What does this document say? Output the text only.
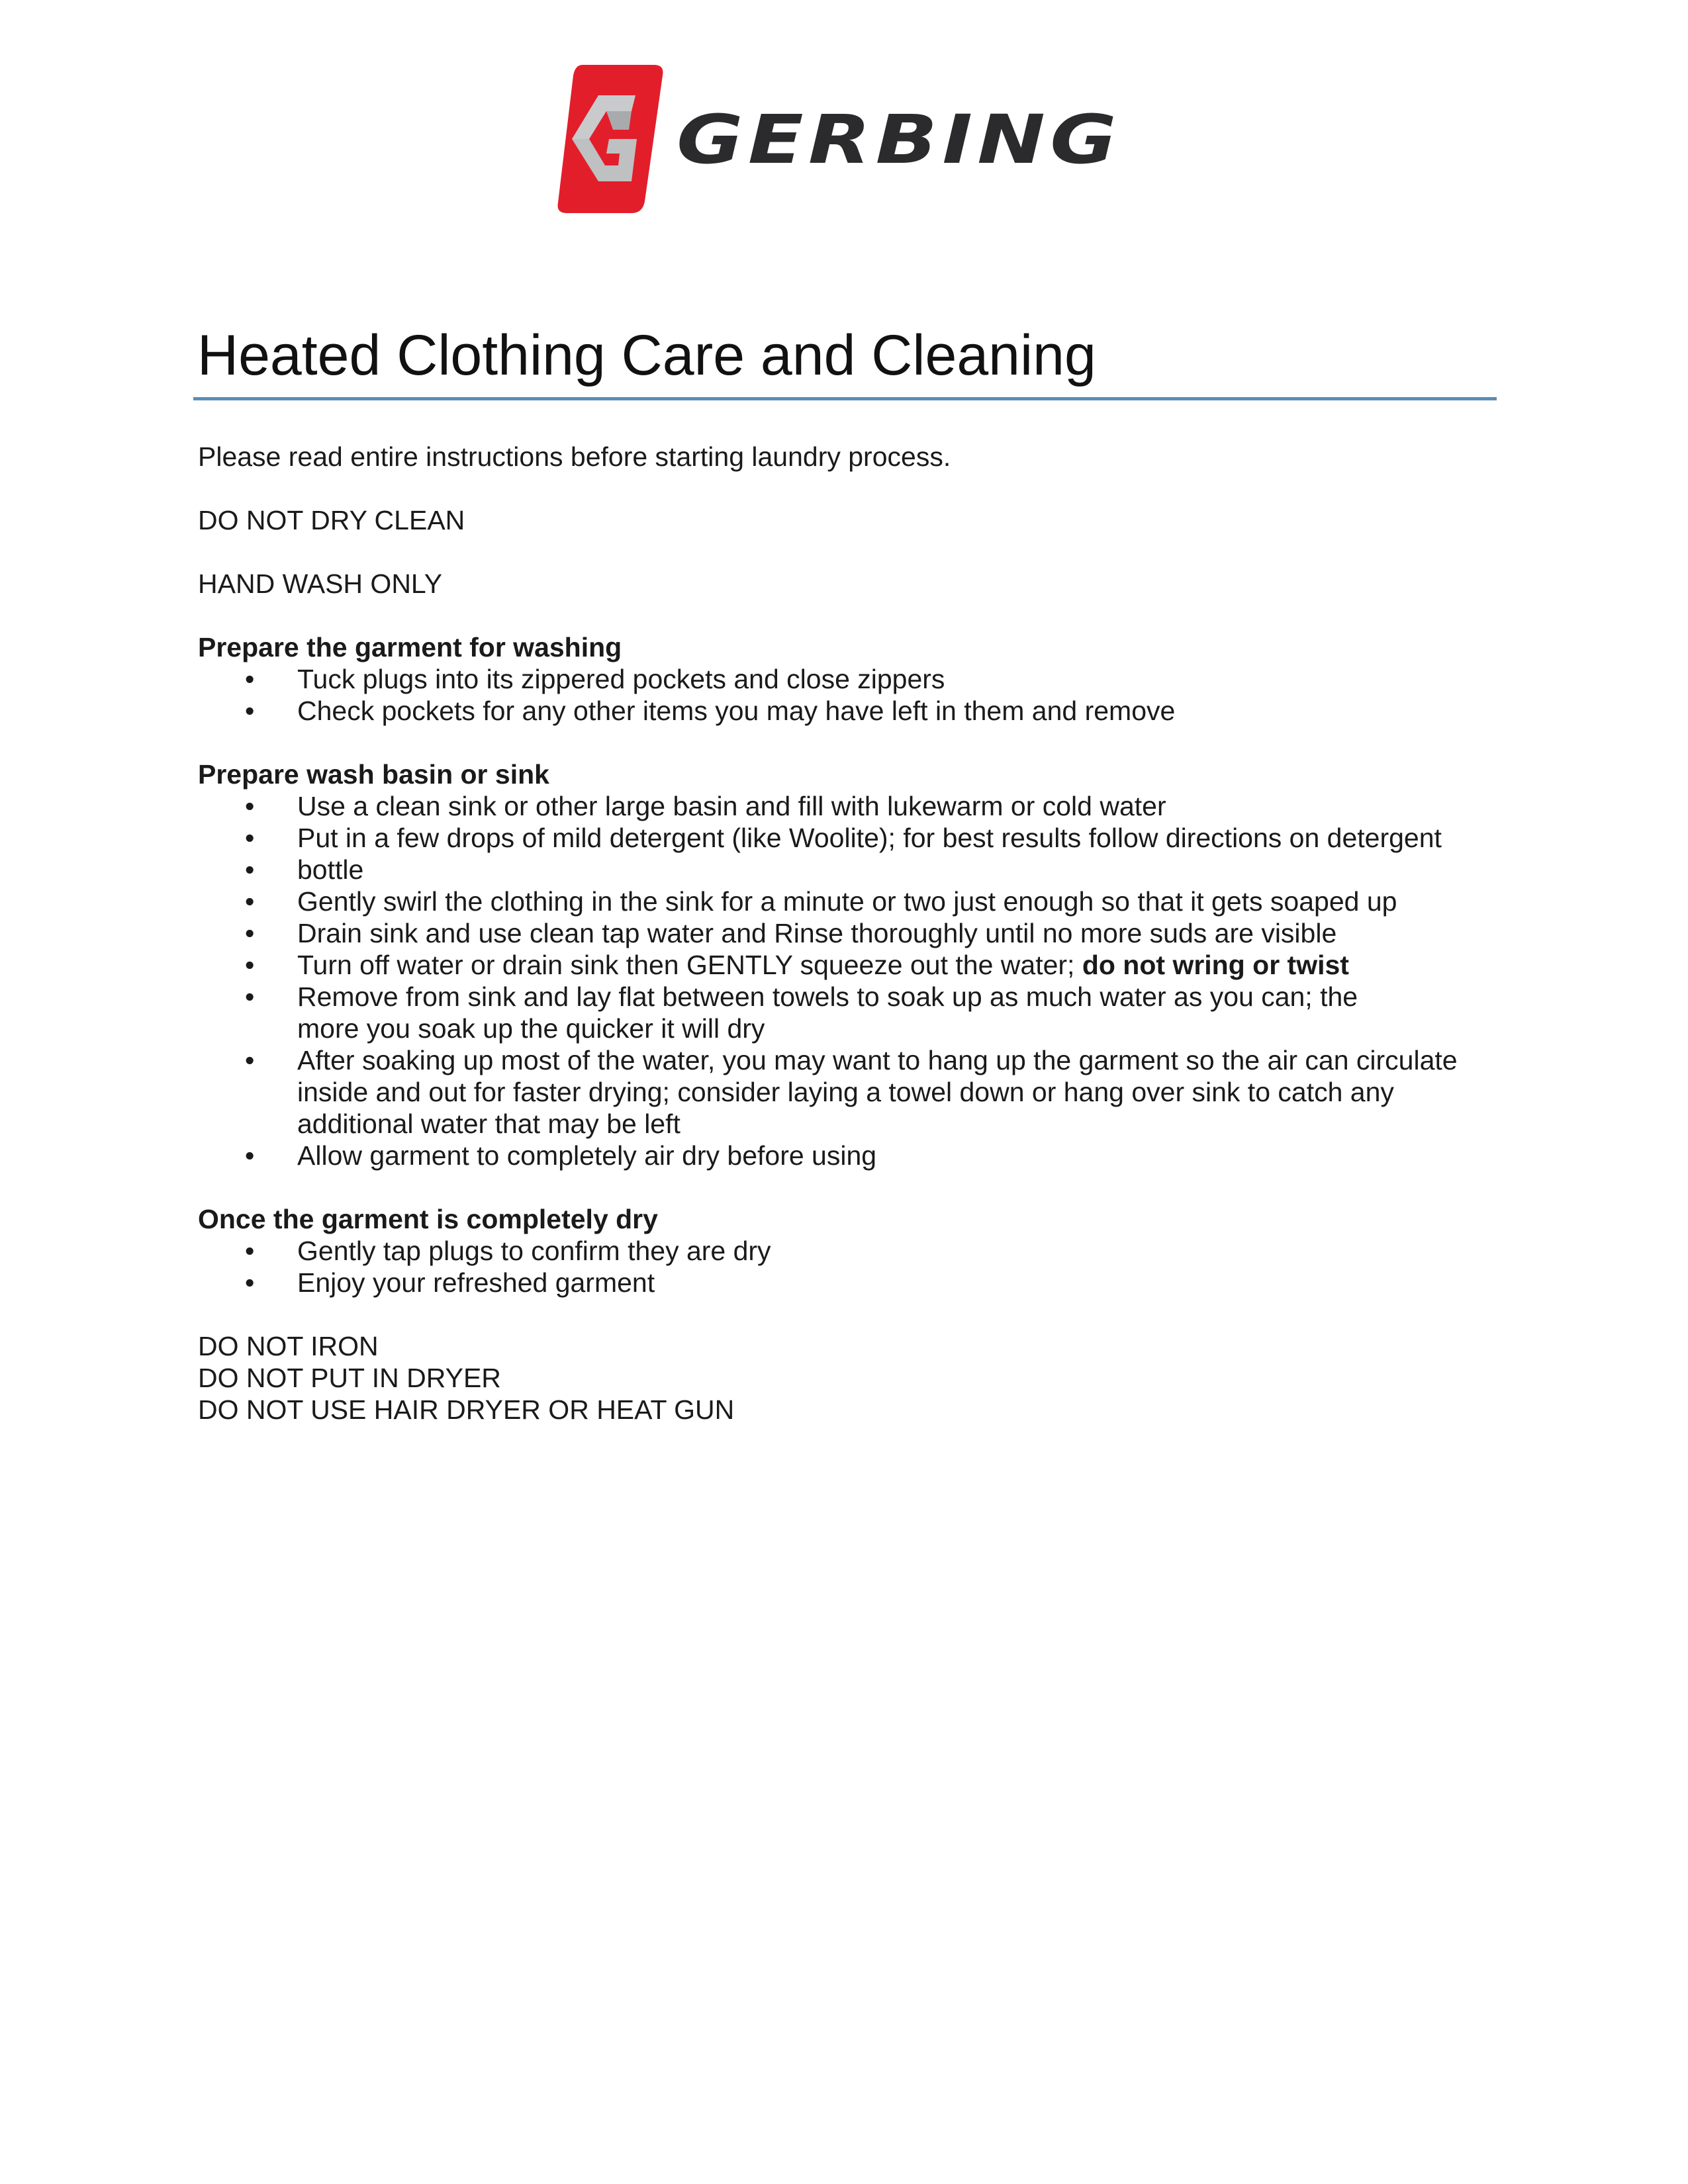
GERBING
Heated Clothing Care and Cleaning

Please read entire instructions before starting laundry process.

DO NOT DRY CLEAN

HAND WASH ONLY

Prepare the garment for washing

• Tuck plugs into its zippered pockets and close zippers
• Check pockets for any other items you may have left in them and remove

Prepare wash basin or sink

• Use a clean sink or other large basin and fill with lukewarm or cold water
• Put in a few drops of mild detergent (like Woolite); for best results follow directions on detergent
• bottle
• Gently swirl the clothing in the sink for a minute or two just enough so that it gets soaped up
• Drain sink and use clean tap water and Rinse thoroughly until no more suds are visible
• Turn off water or drain sink then GENTLY squeeze out the water; do not wring or twist
• Remove from sink and lay flat between towels to soak up as much water as you can; the more you soak up the quicker it will dry
• After soaking up most of the water, you may want to hang up the garment so the air can circulate inside and out for faster drying; consider laying a towel down or hang over sink to catch any additional water that may be left
• Allow garment to completely air dry before using

Once the garment is completely dry

• Gently tap plugs to confirm they are dry
• Enjoy your refreshed garment

DO NOT IRON

DO NOT PUT IN DRYER

DO NOT USE HAIR DRYER OR HEAT GUN
